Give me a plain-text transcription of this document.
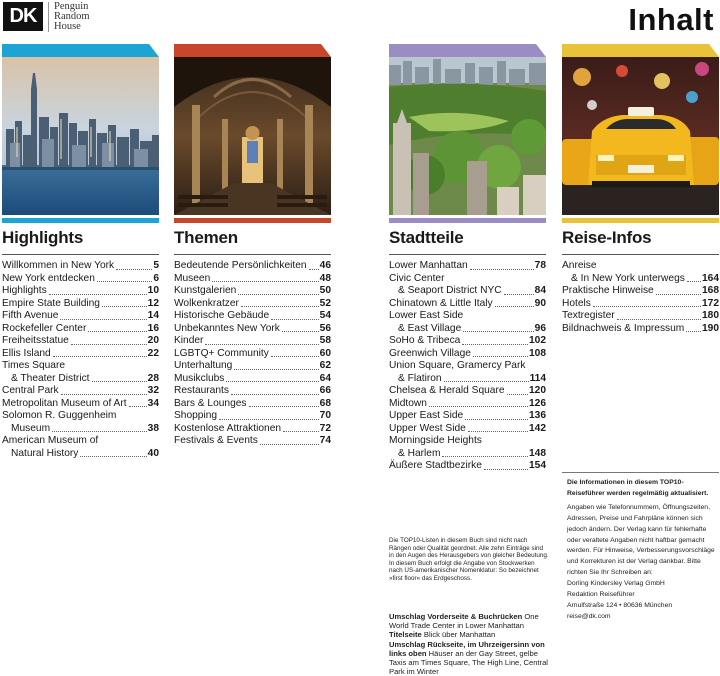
DK	Penguin
Random
House	Inhalt
Highlights
Willkommen in New York	5
New York entdecken	6
Highlights	10
Empire State Building	12
Fifth Avenue	14
Rockefeller Center	16
Freiheitsstatue	20
Ellis Island	22
Times Square
& Theater District	28
Central Park	32
Metropolitan Museum of Art 34
Solomon R. Guggenheim
Museum	38
American Museum of
Natural History	40
Themen
Bedeutende Persönlichkeiten 46
Museen	48
Kunstgalerien	50
Wolkenkratzer	52
Historische Gebäude	54
Unbekanntes New York	56
Kinder	58
LGBTQ+ Community	60
Unterhaltung	62
Musikclubs	64
Restaurants	66
Bars & Lounges	68
Shopping	70
Kostenlose Attraktionen	72
Festivals & Events	74
Stadtteile
Lower Manhattan	78
Civic Center
& Seaport District NYC	84
Chinatown & Little Italy	90
Lower East Side
& East Village	96
SoHo & Tribeca	102
Greenwich Village	108
Union Square, Gramercy Park
& Flatiron	114
Chelsea & Herald Square 120
Midtown	126
Upper East Side	136
Upper West Side	142
Morningside Heights
& Harlem	148
Äußere Stadtbezirke	154
Reise-Infos
Anreise
& In New York unterwegs 164
Praktische Hinweise	168
Hotels	172
Textregister	180
Bildnachweis & Impressum 190
Die TOP10-Listen in diesem Buch sind nicht nach Rängen oder Qualität geordnet. Alle zehn Einträge sind in den Augen des Herausgebers von gleicher Bedeutung. In diesem Buch erfolgt die Angabe von Stockwerken nach US-amerikanischer Nomenklatur: So bezeichnet »first floor« das Erdgeschoss.
Umschlag Vorderseite & Buchrücken One World Trade Center in Lower Manhattan
Titelseite Blick über Manhattan
Umschlag Rückseite, im Uhrzeigersinn von links oben Häuser an der Gay Street, gelbe Taxis am Times Square, The High Line, Central Park im Winter
Die Informationen in diesem TOP10-Reiseführer werden regelmäßig aktualisiert.
Angaben wie Telefonnummern, Öffnungszeiten, Adressen, Preise und Fahrpläne können sich jedoch ändern. Der Verlag kann für fehlerhafte oder veraltete Angaben nicht haftbar gemacht werden. Für Hinweise, Verbesserungsvorschläge und Korrekturen ist der Verlag dankbar. Bitte richten Sie Ihr Schreiben an:
Dorling Kindersley Verlag GmbH
Redaktion Reiseführer
Arnulfstraße 124 • 80636 München
reise@dk.com
